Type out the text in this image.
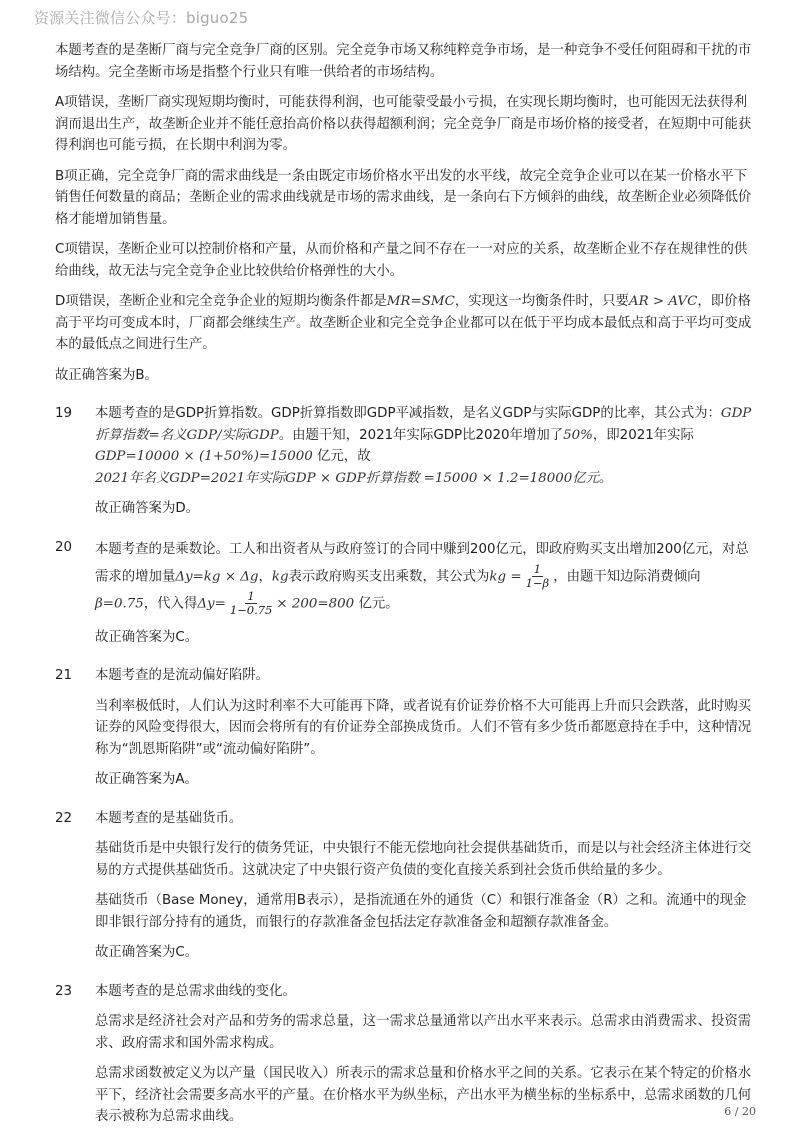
资源关注微信公众号：biguo25
本题考查的是垄断厂商与完全竞争厂商的区别。完全竞争市场又称纯粹竞争市场，是一种竞争不受任何阻碍和干扰的市场结构。完全垄断市场是指整个行业只有唯一供给者的市场结构。
A项错误，垄断厂商实现短期均衡时，可能获得利润，也可能蒙受最小亏损，在实现长期均衡时，也可能因无法获得利润而退出生产，故垄断企业并不能任意抬高价格以获得超额利润；完全竞争厂商是市场价格的接受者，在短期中可能获得利润也可能亏损，在长期中利润为零。
B项正确，完全竞争厂商的需求曲线是一条由既定市场价格水平出发的水平线，故完全竞争企业可以在某一价格水平下销售任何数量的商品；垄断企业的需求曲线就是市场的需求曲线，是一条向右下方倾斜的曲线，故垄断企业必须降低价格才能增加销售量。
C项错误，垄断企业可以控制价格和产量，从而价格和产量之间不存在一一对应的关系，故垄断企业不存在规律性的供给曲线，故无法与完全竞争企业比较供给价格弹性的大小。
D项错误，垄断企业和完全竞争企业的短期均衡条件都是MR=SMC，实现这一均衡条件时，只要AR > AVC，即价格高于平均可变成本时，厂商都会继续生产。故垄断企业和完全竞争企业都可以在低于平均成本最低点和高于平均可变成本的最低点之间进行生产。
故正确答案为B。
19	本题考查的是GDP折算指数。GDP折算指数即GDP平减指数，是名义GDP与实际GDP的比率，其公式为：GDP折算指数=名义GDP/实际GDP。由题干知，2021年实际GDP比2020年增加了50%，即2021年实际GDP=10000 × (1+50%)=15000 亿元，故
2021年名义GDP=2021年实际GDP × GDP折算指数 =15000 × 1.2=18000亿元。
故正确答案为D。
20	本题考查的是乘数论。工人和出资者从与政府签订的合同中赚到200亿元，即政府购买支出增加200亿元，对总需求的增加量Δy=kg × Δg，kg表示政府购买支出乘数，其公式为kg = $\frac{1}{1-\beta}$ ，由题干知边际消费倾向β=0.75，代入得$\Delta y= \frac{1}{1-0.75} \times 200=800$ 亿元。
故正确答案为C。
21	本题考查的是流动偏好陷阱。
当利率极低时，人们认为这时利率不大可能再下降，或者说有价证券价格不大可能再上升而只会跌落，此时购买证券的风险变得很大，因而会将所有的有价证券全部换成货币。人们不管有多少货币都愿意持在手中，这种情况称为“凯恩斯陷阱”或“流动偏好陷阱”。
故正确答案为A。
22	本题考查的是基础货币。
基础货币是中央银行发行的债务凭证，中央银行不能无偿地向社会提供基础货币，而是以与社会经济主体进行交易的方式提供基础货币。这就决定了中央银行资产负债的变化直接关系到社会货币供给量的多少。
基础货币（Base Money，通常用B表示），是指流通在外的通货（C）和银行准备金（R）之和。流通中的现金即非银行部分持有的通货，而银行的存款准备金包括法定存款准备金和超额存款准备金。
故正确答案为C。
23	本题考查的是总需求曲线的变化。
总需求是经济社会对产品和劳务的需求总量，这一需求总量通常以产出水平来表示。总需求由消费需求、投资需求、政府需求和国外需求构成。
总需求函数被定义为以产量（国民收入）所表示的需求总量和价格水平之间的关系。它表示在某个特定的价格水平下，经济社会需要多高水平的产量。在价格水平为纵坐标，产出水平为横坐标的坐标系中，总需求函数的几何表示被称为总需求曲线。	6 / 20
